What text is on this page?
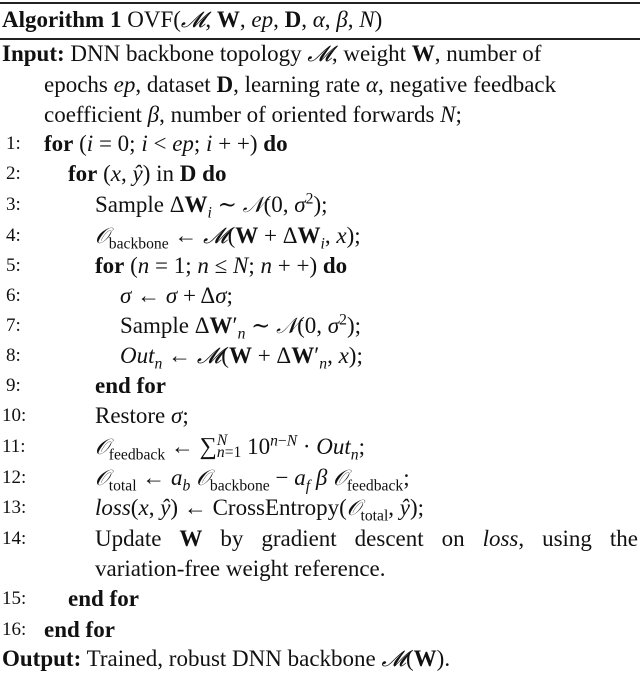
Algorithm 1 OVF(𝓜, W, ep, D, α, β, N)
Input: DNN backbone topology 𝓜, weight W, number of
epochs ep, dataset D, learning rate α, negative feedback
coefficient β, number of oriented forwards N;
1:	for (i = 0; i < ep; i + +) do
2:	for (x, ŷ) in D do
3:	Sample $\Delta W_i$ ∼ 𝒩(0, $\sigma^2$);
4:	𝒪$_{backbone}$ ← 𝓜(W + $\Delta W_i$, x);
5:	for (n = 1; n ≤ N; n + +) do
6:	σ ← σ + Δσ;
7:	Sample $\Delta W'_n$ ∼ 𝒩(0, $\sigma^2$);
8:	Out$_n$ ← 𝓜(W + $\Delta W'_n$, x);
9:	end for
10:	Restore σ;
11:	𝒪$_{feedback}$ ← ∑ N
n=1 $10^{n-N} \cdot Out_n$;
12:	𝒪$_{total}$ ← $a_b$ 𝒪$_{backbone}$ − $a_f$ β 𝒪$_{feedback}$;
13:	loss(x, ŷ) ← CrossEntropy(𝒪$_{total}$, ŷ);
14:	Update W by gradient descent on loss, using the
variation-free weight reference.
15: end for
16: end for
Output: Trained, robust DNN backbone 𝓜(W).
